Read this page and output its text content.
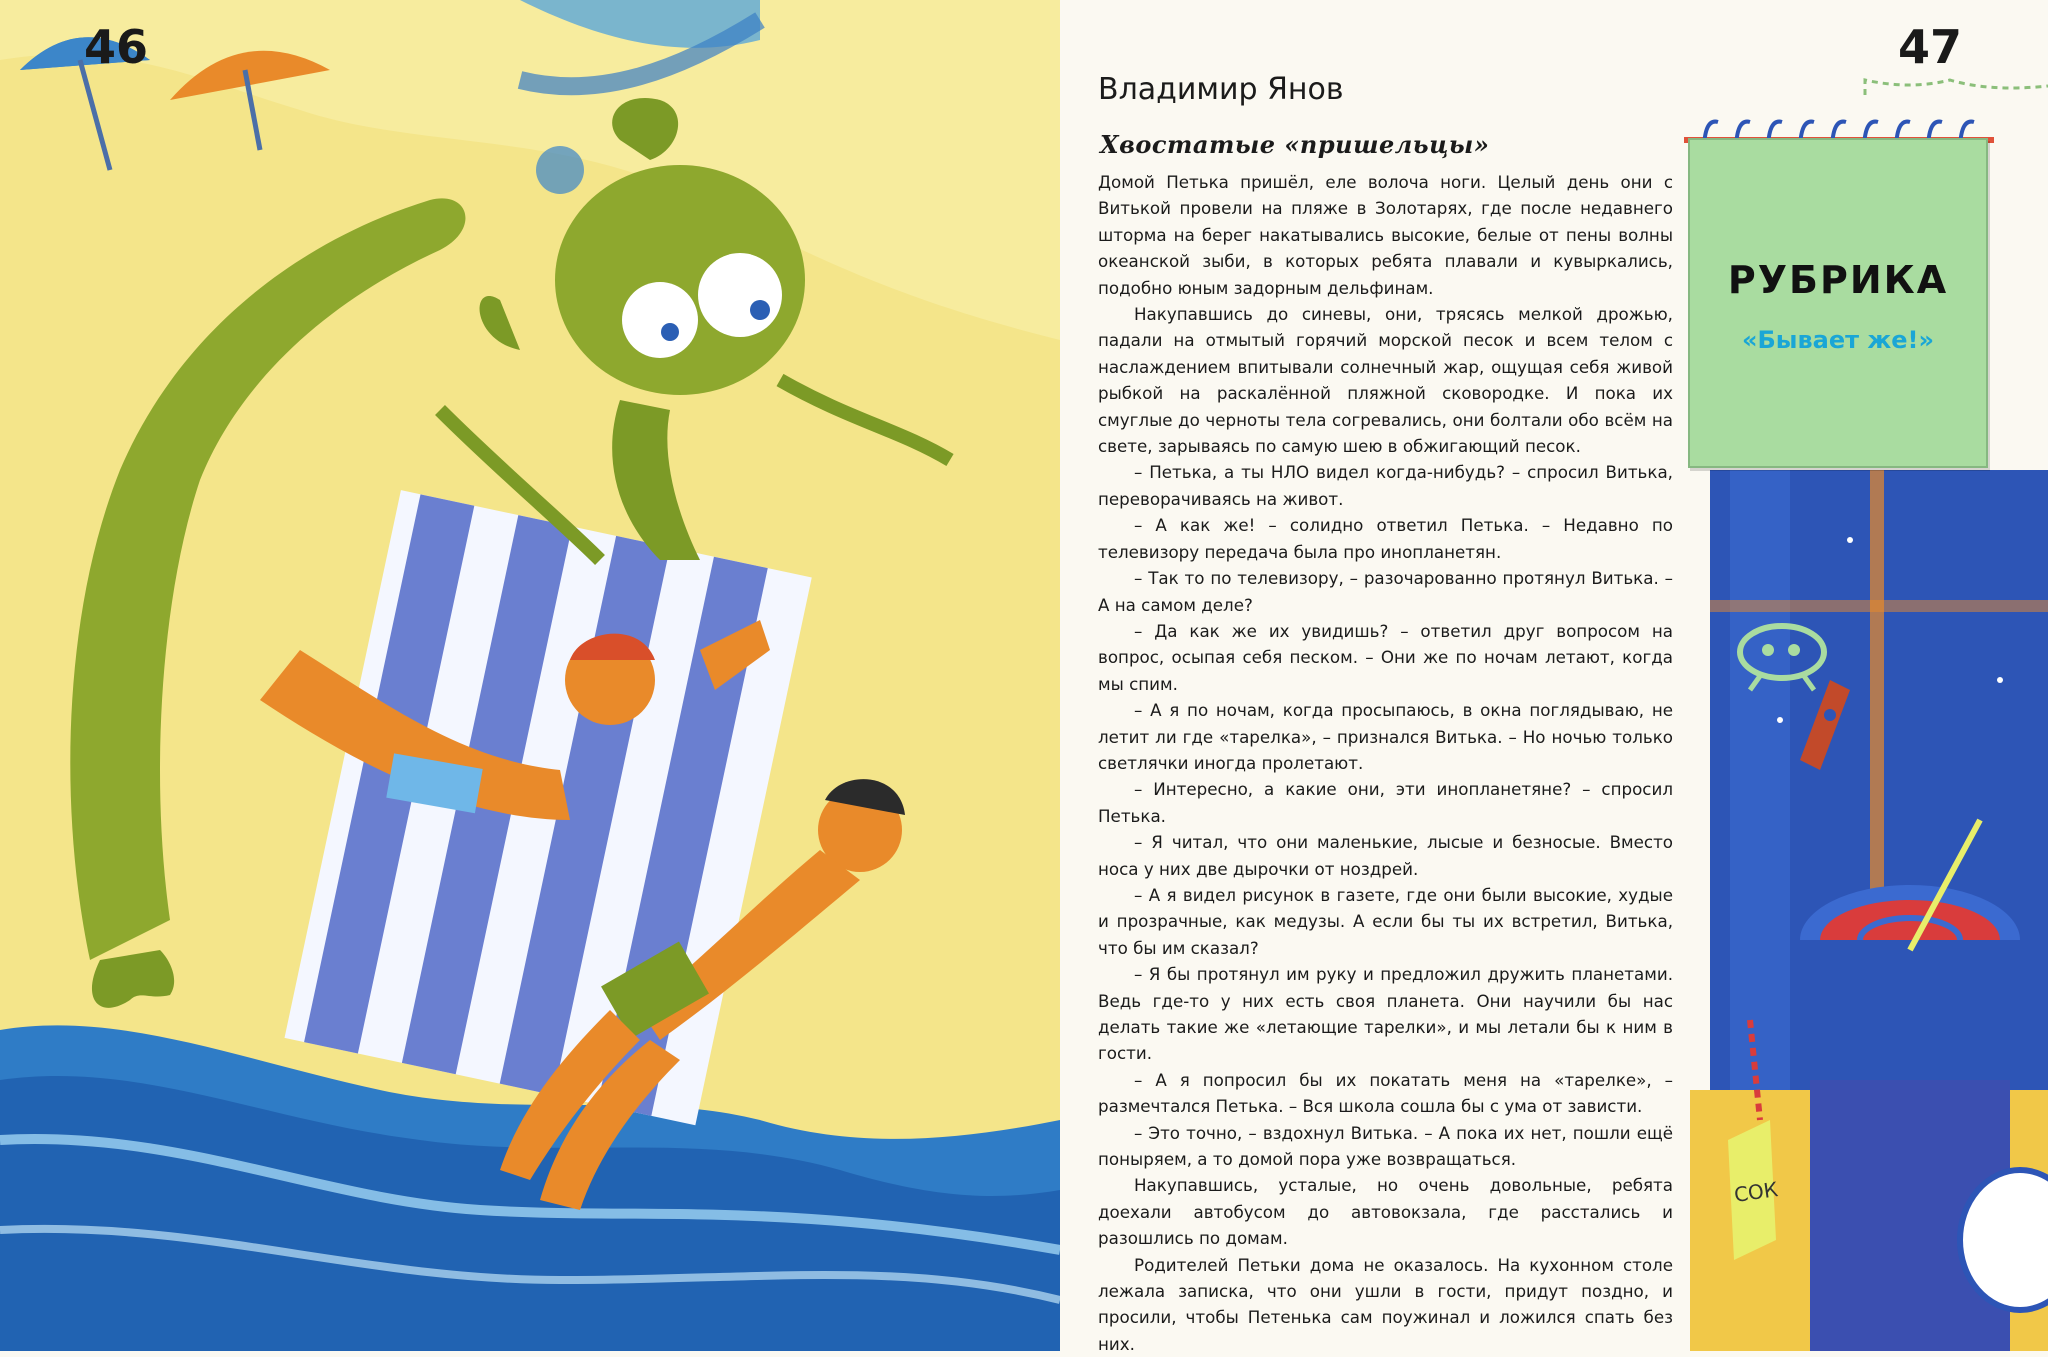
46
Владимир Янов
Хвостатые «пришельцы»

Домой Петька пришёл, еле волоча ноги. Целый день они с Витькой провели на пляже в Золотарях, где после недавнего шторма на берег накатывались высокие, белые от пены волны океанской зыби, в которых ребята плавали и кувыркались, подобно юным задорным дельфинам.

Накупавшись до синевы, они, трясясь мелкой дрожью, падали на отмытый горячий морской песок и всем телом с наслаждением впитывали солнечный жар, ощущая себя живой рыбкой на раскалённой пляжной сковородке. И пока их смуглые до черноты тела согревались, они болтали обо всём на свете, зарываясь по самую шею в обжигающий песок.

– Петька, а ты НЛО видел когда-нибудь? – спросил Витька, переворачиваясь на живот.

– А как же! – солидно ответил Петька. – Недавно по телевизору передача была про инопланетян.

– Так то по телевизору, – разочарованно протянул Витька. – А на самом деле?

– Да как же их увидишь? – ответил друг вопросом на вопрос, осыпая себя песком. – Они же по ночам летают, когда мы спим.

– А я по ночам, когда просыпаюсь, в окна поглядываю, не летит ли где «тарелка», – признался Витька. – Но ночью только светлячки иногда пролетают.

– Интересно, а какие они, эти инопланетяне? – спросил Петька.

– Я читал, что они маленькие, лысые и безносые. Вместо носа у них две дырочки от ноздрей.

– А я видел рисунок в газете, где они были высокие, худые и прозрачные, как медузы. А если бы ты их встретил, Витька, что бы им сказал?

– Я бы протянул им руку и предложил дружить планетами. Ведь где-то у них есть своя планета. Они научили бы нас делать такие же «летающие тарелки», и мы летали бы к ним в гости.

– А я попросил бы их покатать меня на «тарелке», – размечтался Петька. – Вся школа сошла бы с ума от зависти.

– Это точно, – вздохнул Витька. – А пока их нет, пошли ещё поныряем, а то домой пора уже возвращаться.

Накупавшись, усталые, но очень довольные, ребята доехали автобусом до автовокзала, где расстались и разошлись по домам.

Родителей Петьки дома не оказалось. На кухонном столе лежала записка, что они ушли в гости, придут поздно, и просили, чтобы Петенька сам поужинал и ложился спать без них.

РУБРИКА
«Бывает же!»
СОК
47
